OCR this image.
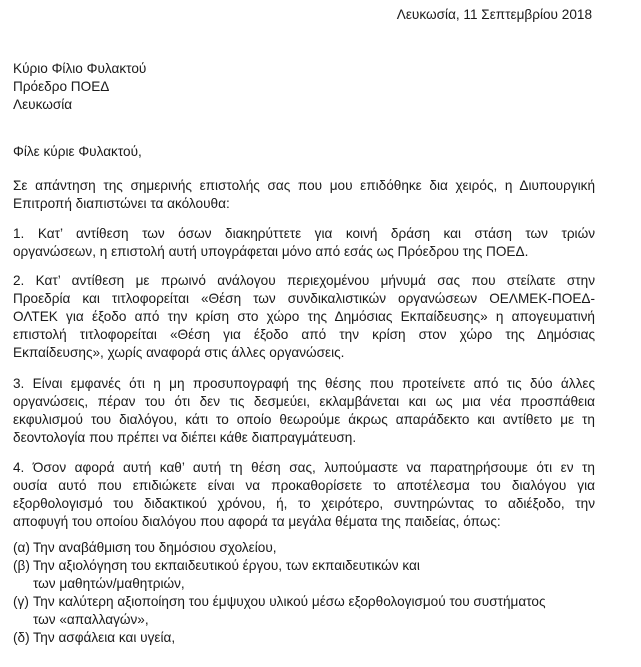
Λευκωσία, 11 Σεπτεμβρίου 2018
Κύριο Φίλιο Φυλακτού
Πρόεδρο ΠΟΕΔ
Λευκωσία
Φίλε κύριε Φυλακτού,
Σε απάντηση της σημερινής επιστολής σας που μου επιδόθηκε δια χειρός, η Διυπουργική
Επιτροπή διαπιστώνει τα ακόλουθα:
1. Κατ’ αντίθεση των όσων διακηρύττετε για κοινή δράση και στάση των τριών
οργανώσεων, η επιστολή αυτή υπογράφεται μόνο από εσάς ως Πρόεδρου της ΠΟΕΔ.
2. Κατ’ αντίθεση με πρωινό ανάλογου περιεχομένου μήνυμά σας που στείλατε στην
Προεδρία και τιτλοφορείται «Θέση των συνδικαλιστικών οργανώσεων ΟΕΛΜΕΚ-ΠΟΕΔ-
ΟΛΤΕΚ για έξοδο από την κρίση στο χώρο της Δημόσιας Εκπαίδευσης» η απογευματινή
επιστολή τιτλοφορείται «Θέση για έξοδο από την κρίση στον χώρο της Δημόσιας
Εκπαίδευσης», χωρίς αναφορά στις άλλες οργανώσεις.
3. Είναι εμφανές ότι η μη προσυπογραφή της θέσης που προτείνετε από τις δύο άλλες
οργανώσεις, πέραν του ότι δεν τις δεσμεύει, εκλαμβάνεται και ως μια νέα προσπάθεια
εκφυλισμού του διαλόγου, κάτι το οποίο θεωρούμε άκρως απαράδεκτο και αντίθετο με τη
δεοντολογία που πρέπει να διέπει κάθε διαπραγμάτευση.
4. Όσον αφορά αυτή καθ’ αυτή τη θέση σας, λυπούμαστε να παρατηρήσουμε ότι εν τη
ουσία αυτό που επιδιώκετε είναι να προκαθορίσετε το αποτέλεσμα του διαλόγου για
εξορθολογισμό του διδακτικού χρόνου, ή, το χειρότερο, συντηρώντας το αδιέξοδο, την
αποφυγή του οποίου διαλόγου που αφορά τα μεγάλα θέματα της παιδείας, όπως:
(α) Την αναβάθμιση του δημόσιου σχολείου,
(β) Την αξιολόγηση του εκπαιδευτικού έργου, των εκπαιδευτικών και
των μαθητών/μαθητριών,
(γ) Την καλύτερη αξιοποίηση του έμψυχου υλικού μέσω εξορθολογισμού του συστήματος
των «απαλλαγών»,
(δ) Την ασφάλεια και υγεία,
